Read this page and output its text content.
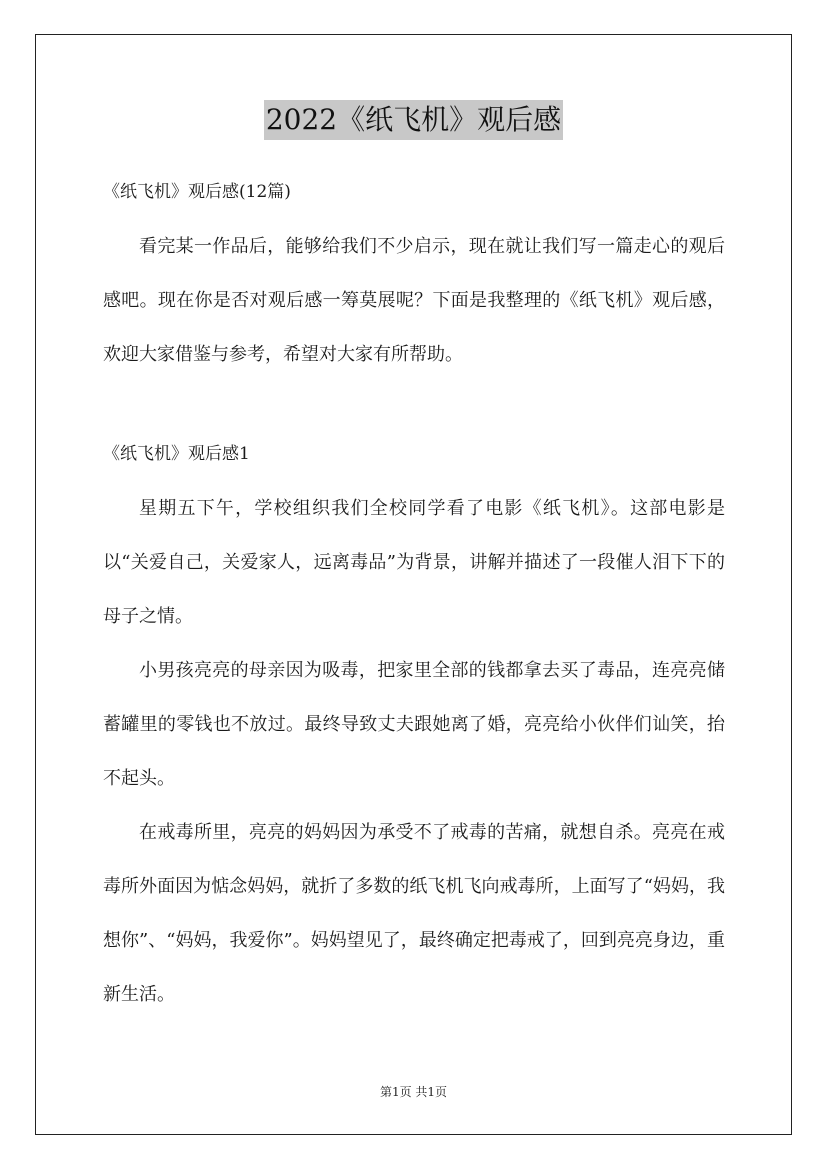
2022《纸飞机》观后感

《纸飞机》观后感(12篇)

看完某一作品后，能够给我们不少启示，现在就让我们写一篇走心的观后感吧。现在你是否对观后感一筹莫展呢？下面是我整理的《纸飞机》观后感，欢迎大家借鉴与参考，希望对大家有所帮助。

《纸飞机》观后感1

星期五下午，学校组织我们全校同学看了电影《纸飞机》。这部电影是以“关爱自己，关爱家人，远离毒品”为背景，讲解并描述了一段催人泪下下的母子之情。

小男孩亮亮的母亲因为吸毒，把家里全部的钱都拿去买了毒品，连亮亮储蓄罐里的零钱也不放过。最终导致丈夫跟她离了婚，亮亮给小伙伴们讪笑，抬不起头。

在戒毒所里，亮亮的妈妈因为承受不了戒毒的苦痛，就想自杀。亮亮在戒毒所外面因为惦念妈妈，就折了多数的纸飞机飞向戒毒所，上面写了“妈妈，我想你”、“妈妈，我爱你”。妈妈望见了，最终确定把毒戒了，回到亮亮身边，重新生活。

第1页 共1页
